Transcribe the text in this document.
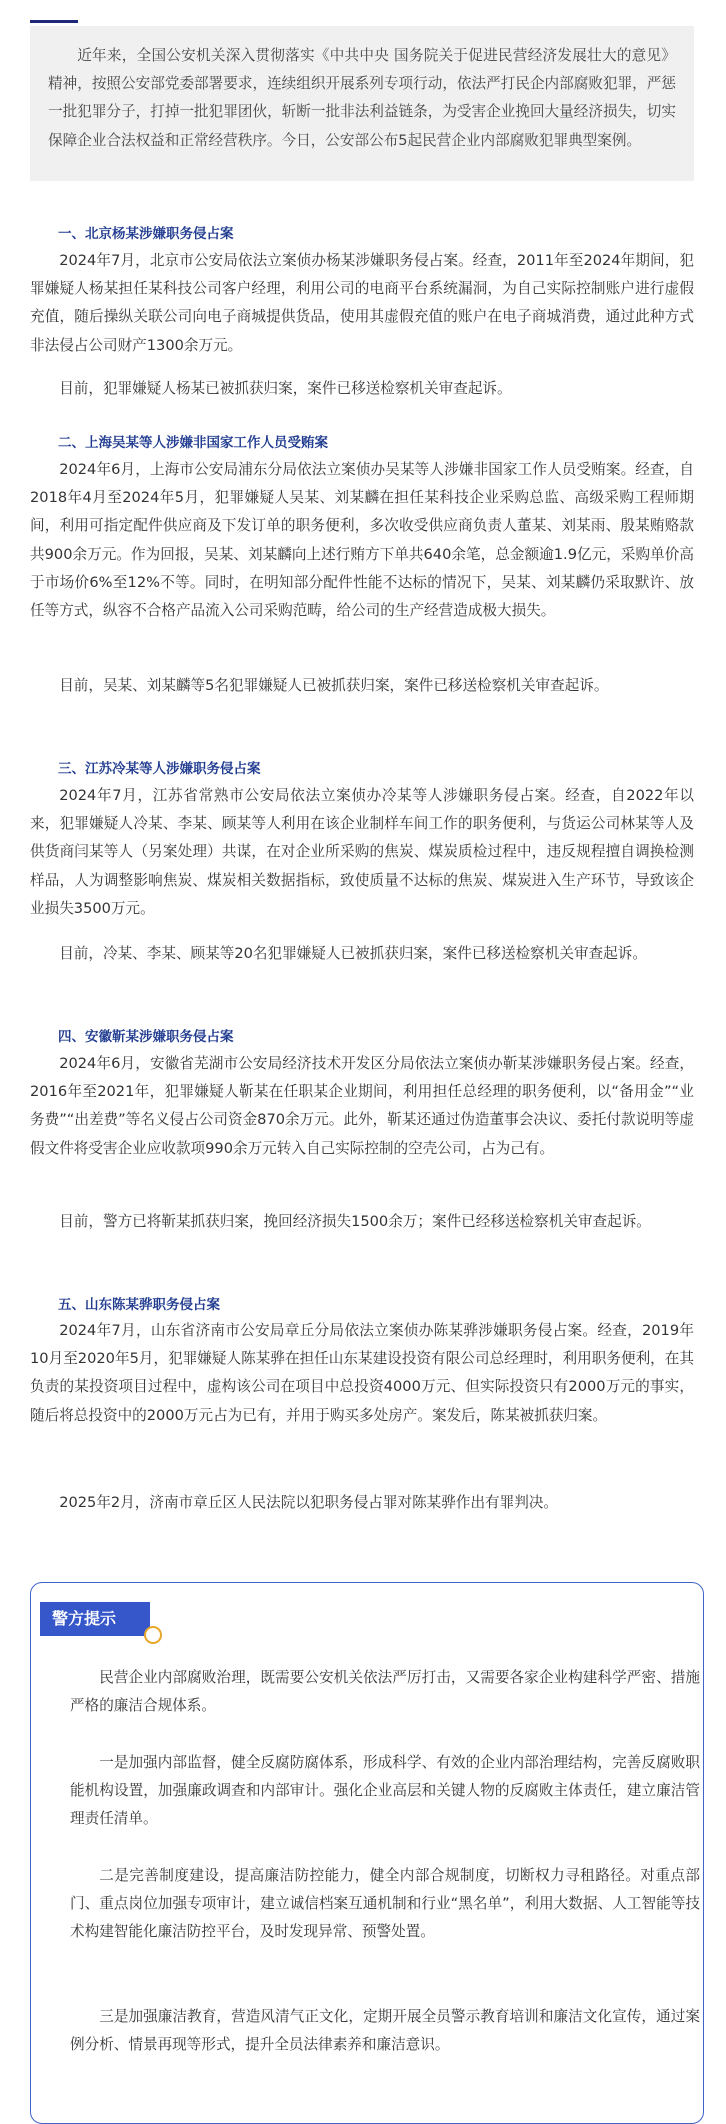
近年来，全国公安机关深入贯彻落实《中共中央 国务院关于促进民营经济发展壮大的意见》精神，按照公安部党委部署要求，连续组织开展系列专项行动，依法严打民企内部腐败犯罪，严惩一批犯罪分子，打掉一批犯罪团伙，斩断一批非法利益链条，为受害企业挽回大量经济损失，切实保障企业合法权益和正常经营秩序。今日，公安部公布5起民营企业内部腐败犯罪典型案例。

一、北京杨某涉嫌职务侵占案

2024年7月，北京市公安局依法立案侦办杨某涉嫌职务侵占案。经查，2011年至2024年期间，犯罪嫌疑人杨某担任某科技公司客户经理，利用公司的电商平台系统漏洞，为自己实际控制账户进行虚假充值，随后操纵关联公司向电子商城提供货品，使用其虚假充值的账户在电子商城消费，通过此种方式非法侵占公司财产1300余万元。

目前，犯罪嫌疑人杨某已被抓获归案，案件已移送检察机关审查起诉。

二、上海吴某等人涉嫌非国家工作人员受贿案

2024年6月，上海市公安局浦东分局依法立案侦办吴某等人涉嫌非国家工作人员受贿案。经查，自2018年4月至2024年5月，犯罪嫌疑人吴某、刘某麟在担任某科技企业采购总监、高级采购工程师期间，利用可指定配件供应商及下发订单的职务便利，多次收受供应商负责人董某、刘某雨、殷某贿赂款共900余万元。作为回报，吴某、刘某麟向上述行贿方下单共640余笔，总金额逾1.9亿元，采购单价高于市场价6%至12%不等。同时，在明知部分配件性能不达标的情况下，吴某、刘某麟仍采取默许、放任等方式，纵容不合格产品流入公司采购范畴，给公司的生产经营造成极大损失。

目前，吴某、刘某麟等5名犯罪嫌疑人已被抓获归案，案件已移送检察机关审查起诉。

三、江苏冷某等人涉嫌职务侵占案

2024年7月，江苏省常熟市公安局依法立案侦办冷某等人涉嫌职务侵占案。经查，自2022年以来，犯罪嫌疑人冷某、李某、顾某等人利用在该企业制样车间工作的职务便利，与货运公司林某等人及供货商闫某等人（另案处理）共谋，在对企业所采购的焦炭、煤炭质检过程中，违反规程擅自调换检测样品，人为调整影响焦炭、煤炭相关数据指标，致使质量不达标的焦炭、煤炭进入生产环节，导致该企业损失3500万元。

目前，冷某、李某、顾某等20名犯罪嫌疑人已被抓获归案，案件已移送检察机关审查起诉。

四、安徽靳某涉嫌职务侵占案

2024年6月，安徽省芜湖市公安局经济技术开发区分局依法立案侦办靳某涉嫌职务侵占案。经查，2016年至2021年，犯罪嫌疑人靳某在任职某企业期间，利用担任总经理的职务便利，以“备用金”“业务费”“出差费”等名义侵占公司资金870余万元。此外，靳某还通过伪造董事会决议、委托付款说明等虚假文件将受害企业应收款项990余万元转入自己实际控制的空壳公司，占为己有。

目前，警方已将靳某抓获归案，挽回经济损失1500余万；案件已经移送检察机关审查起诉。

五、山东陈某骅职务侵占案

2024年7月，山东省济南市公安局章丘分局依法立案侦办陈某骅涉嫌职务侵占案。经查，2019年10月至2020年5月，犯罪嫌疑人陈某骅在担任山东某建设投资有限公司总经理时，利用职务便利，在其负责的某投资项目过程中，虚构该公司在项目中总投资4000万元、但实际投资只有2000万元的事实，随后将总投资中的2000万元占为已有，并用于购买多处房产。案发后，陈某被抓获归案。

2025年2月，济南市章丘区人民法院以犯职务侵占罪对陈某骅作出有罪判决。

警方提示

民营企业内部腐败治理，既需要公安机关依法严厉打击，又需要各家企业构建科学严密、措施严格的廉洁合规体系。

一是加强内部监督，健全反腐防腐体系，形成科学、有效的企业内部治理结构，完善反腐败职能机构设置，加强廉政调查和内部审计。强化企业高层和关键人物的反腐败主体责任，建立廉洁管理责任清单。

二是完善制度建设，提高廉洁防控能力，健全内部合规制度，切断权力寻租路径。对重点部门、重点岗位加强专项审计，建立诚信档案互通机制和行业“黑名单”，利用大数据、人工智能等技术构建智能化廉洁防控平台，及时发现异常、预警处置。

三是加强廉洁教育，营造风清气正文化，定期开展全员警示教育培训和廉洁文化宣传，通过案例分析、情景再现等形式，提升全员法律素养和廉洁意识。
